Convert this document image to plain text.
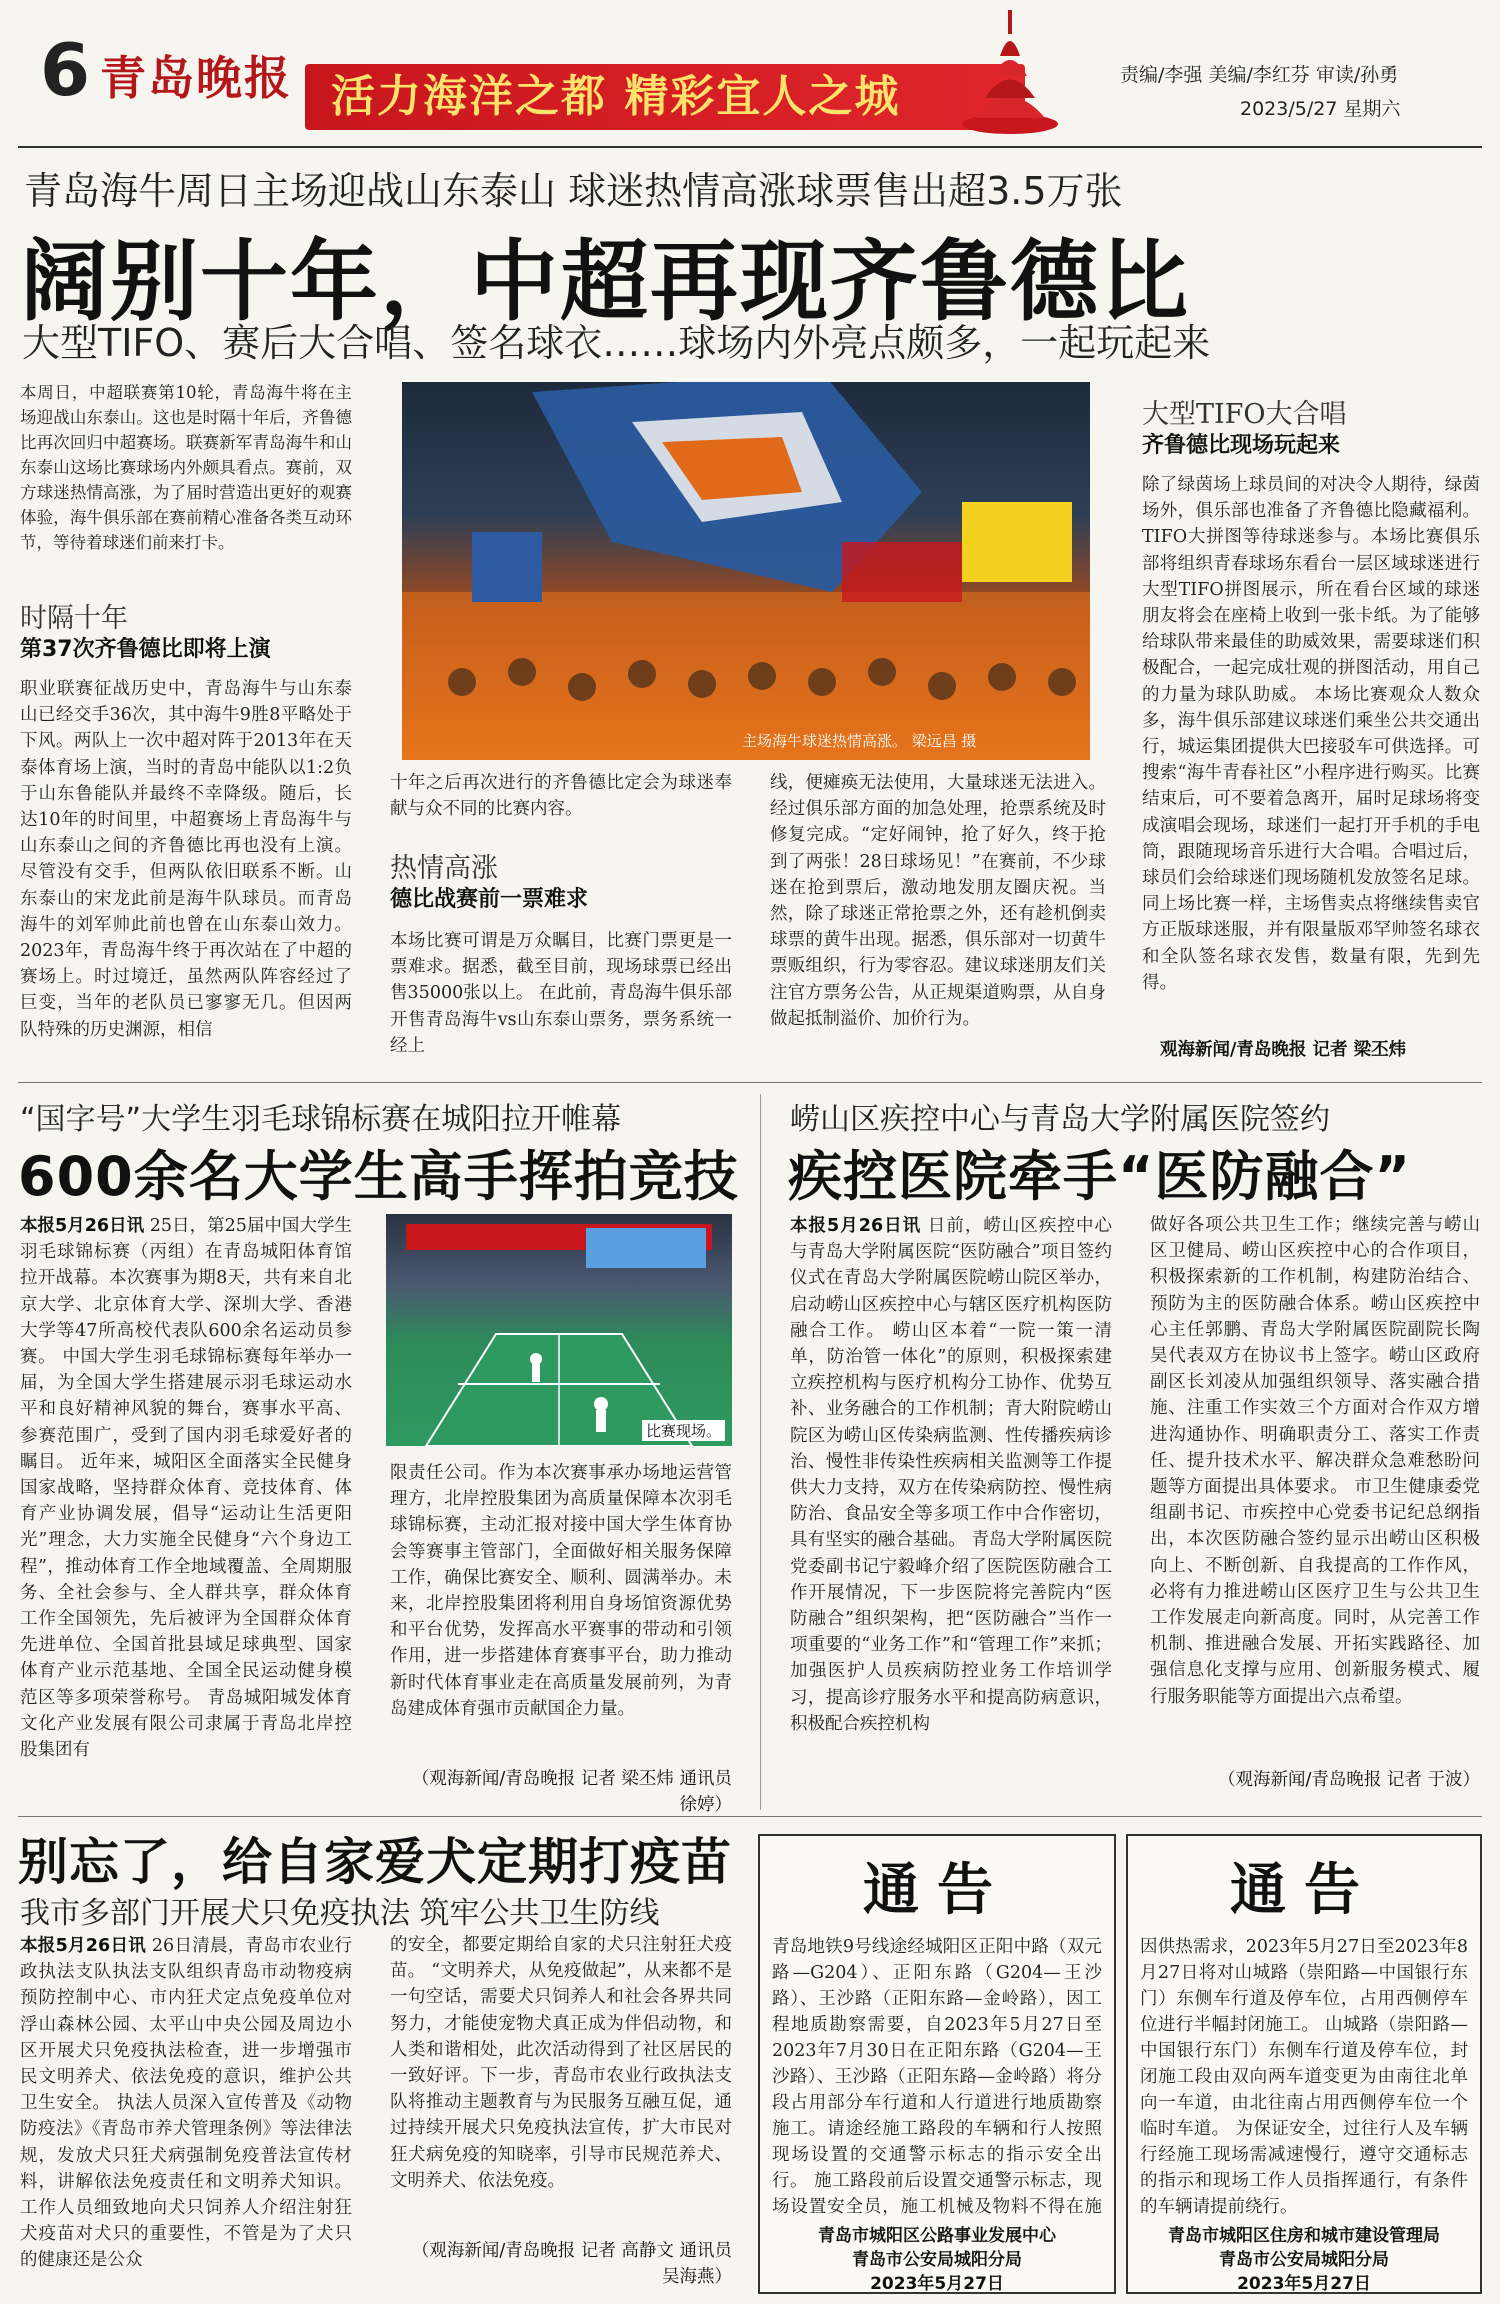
6 青岛晚报 活力海洋之都 精彩宜人之城	责编/李强 美编/李红芬 审读/孙勇
2023/5/27 星期六
青岛海牛周日主场迎战山东泰山 球迷热情高涨球票售出超3.5万张
阔别十年，中超再现齐鲁德比
大型TIFO、赛后大合唱、签名球衣……球场内外亮点颇多，一起玩起来
本周日，中超联赛第10轮，青岛海牛将在主场迎战山东泰山。这也是时隔十年后，齐鲁德比再次回归中超赛场。联赛新军青岛海牛和山东泰山这场比赛球场内外颇具看点。赛前，双方球迷热情高涨，为了届时营造出更好的观赛体验，海牛俱乐部在赛前精心准备各类互动环节，等待着球迷们前来打卡。
时隔十年
第37次齐鲁德比即将上演
职业联赛征战历史中，青岛海牛与山东泰山已经交手36次，其中海牛9胜8平略处于下风。两队上一次中超对阵于2013年在天泰体育场上演，当时的青岛中能队以1:2负于山东鲁能队并最终不幸降级。随后，长达10年的时间里，中超赛场上青岛海牛与山东泰山之间的齐鲁德比再也没有上演。尽管没有交手，但两队依旧联系不断。山东泰山的宋龙此前是海牛队球员。而青岛海牛的刘军帅此前也曾在山东泰山效力。 2023年，青岛海牛终于再次站在了中超的赛场上。时过境迁，虽然两队阵容经过了巨变，当年的老队员已寥寥无几。但因两队特殊的历史渊源，相信
主场海牛球迷热情高涨。 梁远昌 摄
十年之后再次进行的齐鲁德比定会为球迷奉献与众不同的比赛内容。
热情高涨
德比战赛前一票难求
本场比赛可谓是万众瞩目，比赛门票更是一票难求。据悉，截至目前，现场球票已经出售35000张以上。 在此前，青岛海牛俱乐部开售青岛海牛vs山东泰山票务，票务系统一经上
线，便瘫痪无法使用，大量球迷无法进入。经过俱乐部方面的加急处理，抢票系统及时修复完成。“定好闹钟，抢了好久，终于抢到了两张！28日球场见！”在赛前，不少球迷在抢到票后，激动地发朋友圈庆祝。当然，除了球迷正常抢票之外，还有趁机倒卖球票的黄牛出现。据悉，俱乐部对一切黄牛票贩组织，行为零容忍。建议球迷朋友们关注官方票务公告，从正规渠道购票，从自身做起抵制溢价、加价行为。
大型TIFO大合唱
齐鲁德比现场玩起来
除了绿茵场上球员间的对决令人期待，绿茵场外，俱乐部也准备了齐鲁德比隐藏福利。TIFO大拼图等待球迷参与。本场比赛俱乐部将组织青春球场东看台一层区域球迷进行大型TIFO拼图展示，所在看台区域的球迷朋友将会在座椅上收到一张卡纸。为了能够给球队带来最佳的助威效果，需要球迷们积极配合，一起完成壮观的拼图活动，用自己的力量为球队助威。 本场比赛观众人数众多，海牛俱乐部建议球迷们乘坐公共交通出行，城运集团提供大巴接驳车可供选择。可搜索“海牛青春社区”小程序进行购买。比赛结束后，可不要着急离开，届时足球场将变成演唱会现场，球迷们一起打开手机的手电筒，跟随现场音乐进行大合唱。合唱过后，球员们会给球迷们现场随机发放签名足球。同上场比赛一样，主场售卖点将继续售卖官方正版球迷服，并有限量版邓罕帅签名球衣和全队签名球衣发售，数量有限，先到先得。
观海新闻/青岛晚报 记者 梁丕炜
“国字号”大学生羽毛球锦标赛在城阳拉开帷幕
600余名大学生高手挥拍竞技
本报5月26日讯 25日，第25届中国大学生羽毛球锦标赛（丙组）在青岛城阳体育馆拉开战幕。本次赛事为期8天，共有来自北京大学、北京体育大学、深圳大学、香港大学等47所高校代表队600余名运动员参赛。 中国大学生羽毛球锦标赛每年举办一届，为全国大学生搭建展示羽毛球运动水平和良好精神风貌的舞台，赛事水平高、参赛范围广，受到了国内羽毛球爱好者的瞩目。 近年来，城阳区全面落实全民健身国家战略，坚持群众体育、竞技体育、体育产业协调发展，倡导“运动让生活更阳光”理念，大力实施全民健身“六个身边工程”，推动体育工作全地域覆盖、全周期服务、全社会参与、全人群共享，群众体育工作全国领先，先后被评为全国群众体育先进单位、全国首批县域足球典型、国家体育产业示范基地、全国全民运动健身模范区等多项荣誉称号。 青岛城阳城发体育文化产业发展有限公司隶属于青岛北岸控股集团有
比赛现场。
限责任公司。作为本次赛事承办场地运营管理方，北岸控股集团为高质量保障本次羽毛球锦标赛，主动汇报对接中国大学生体育协会等赛事主管部门，全面做好相关服务保障工作，确保比赛安全、顺利、圆满举办。未来，北岸控股集团将利用自身场馆资源优势和平台优势，发挥高水平赛事的带动和引领作用，进一步搭建体育赛事平台，助力推动新时代体育事业走在高质量发展前列，为青岛建成体育强市贡献国企力量。
（观海新闻/青岛晚报 记者 梁丕炜 通讯员 徐婷）
崂山区疾控中心与青岛大学附属医院签约
疾控医院牵手“医防融合”
本报5月26日讯 日前，崂山区疾控中心与青岛大学附属医院“医防融合”项目签约仪式在青岛大学附属医院崂山院区举办，启动崂山区疾控中心与辖区医疗机构医防融合工作。 崂山区本着“一院一策一清单，防治管一体化”的原则，积极探索建立疾控机构与医疗机构分工协作、优势互补、业务融合的工作机制；青大附院崂山院区为崂山区传染病监测、性传播疾病诊治、慢性非传染性疾病相关监测等工作提供大力支持，双方在传染病防控、慢性病防治、食品安全等多项工作中合作密切，具有坚实的融合基础。 青岛大学附属医院党委副书记宁毅峰介绍了医院医防融合工作开展情况，下一步医院将完善院内“医防融合”组织架构，把“医防融合”当作一项重要的“业务工作”和“管理工作”来抓；加强医护人员疾病防控业务工作培训学习，提高诊疗服务水平和提高防病意识，积极配合疾控机构
做好各项公共卫生工作；继续完善与崂山区卫健局、崂山区疾控中心的合作项目，积极探索新的工作机制，构建防治结合、预防为主的医防融合体系。崂山区疾控中心主任郭鹏、青岛大学附属医院副院长陶昊代表双方在协议书上签字。崂山区政府副区长刘凌从加强组织领导、落实融合措施、注重工作实效三个方面对合作双方增进沟通协作、明确职责分工、落实工作责任、提升技术水平、解决群众急难愁盼问题等方面提出具体要求。 市卫生健康委党组副书记、市疾控中心党委书记纪总纲指出，本次医防融合签约显示出崂山区积极向上、不断创新、自我提高的工作作风，必将有力推进崂山区医疗卫生与公共卫生工作发展走向新高度。同时，从完善工作机制、推进融合发展、开拓实践路径、加强信息化支撑与应用、创新服务模式、履行服务职能等方面提出六点希望。
（观海新闻/青岛晚报 记者 于波）
别忘了，给自家爱犬定期打疫苗
我市多部门开展犬只免疫执法 筑牢公共卫生防线
本报5月26日讯 26日清晨，青岛市农业行政执法支队执法支队组织青岛市动物疫病预防控制中心、市内狂犬定点免疫单位对浮山森林公园、太平山中央公园及周边小区开展犬只免疫执法检查，进一步增强市民文明养犬、依法免疫的意识，维护公共卫生安全。 执法人员深入宣传普及《动物防疫法》《青岛市养犬管理条例》等法律法规，发放犬只狂犬病强制免疫普法宣传材料，讲解依法免疫责任和文明养犬知识。工作人员细致地向犬只饲养人介绍注射狂犬疫苗对犬只的重要性，不管是为了犬只的健康还是公众
的安全，都要定期给自家的犬只注射狂犬疫苗。 “文明养犬，从免疫做起”，从来都不是一句空话，需要犬只饲养人和社会各界共同努力，才能使宠物犬真正成为伴侣动物，和人类和谐相处，此次活动得到了社区居民的一致好评。下一步，青岛市农业行政执法支队将推动主题教育与为民服务互融互促，通过持续开展犬只免疫执法宣传，扩大市民对狂犬病免疫的知晓率，引导市民规范养犬、文明养犬、依法免疫。
（观海新闻/青岛晚报 记者 高静文 通讯员 吴海燕）
通告
青岛地铁9号线途经城阳区正阳中路（双元路—G204）、正阳东路（G204—王沙路）、王沙路（正阳东路—金岭路），因工程地质勘察需要，自2023年5月27日至2023年7月30日在正阳东路（G204—王沙路）、王沙路（正阳东路—金岭路）将分段占用部分车行道和人行道进行地质勘察施工。请途经施工路段的车辆和行人按照现场设置的交通警示标志的指示安全出行。 施工路段前后设置交通警示标志，现场设置安全员，施工机械及物料不得在施
青岛市城阳区公路事业发展中心
青岛市公安局城阳分局
2023年5月27日
通告
因供热需求，2023年5月27日至2023年8月27日将对山城路（崇阳路—中国银行东门）东侧车行道及停车位，占用西侧停车位进行半幅封闭施工。 山城路（崇阳路—中国银行东门）东侧车行道及停车位，封闭施工段由双向两车道变更为由南往北单向一车道，由北往南占用西侧停车位一个临时车道。 为保证安全，过往行人及车辆行经施工现场需减速慢行，遵守交通标志的指示和现场工作人员指挥通行，有条件的车辆请提前绕行。
青岛市城阳区住房和城市建设管理局
青岛市公安局城阳分局
2023年5月27日
